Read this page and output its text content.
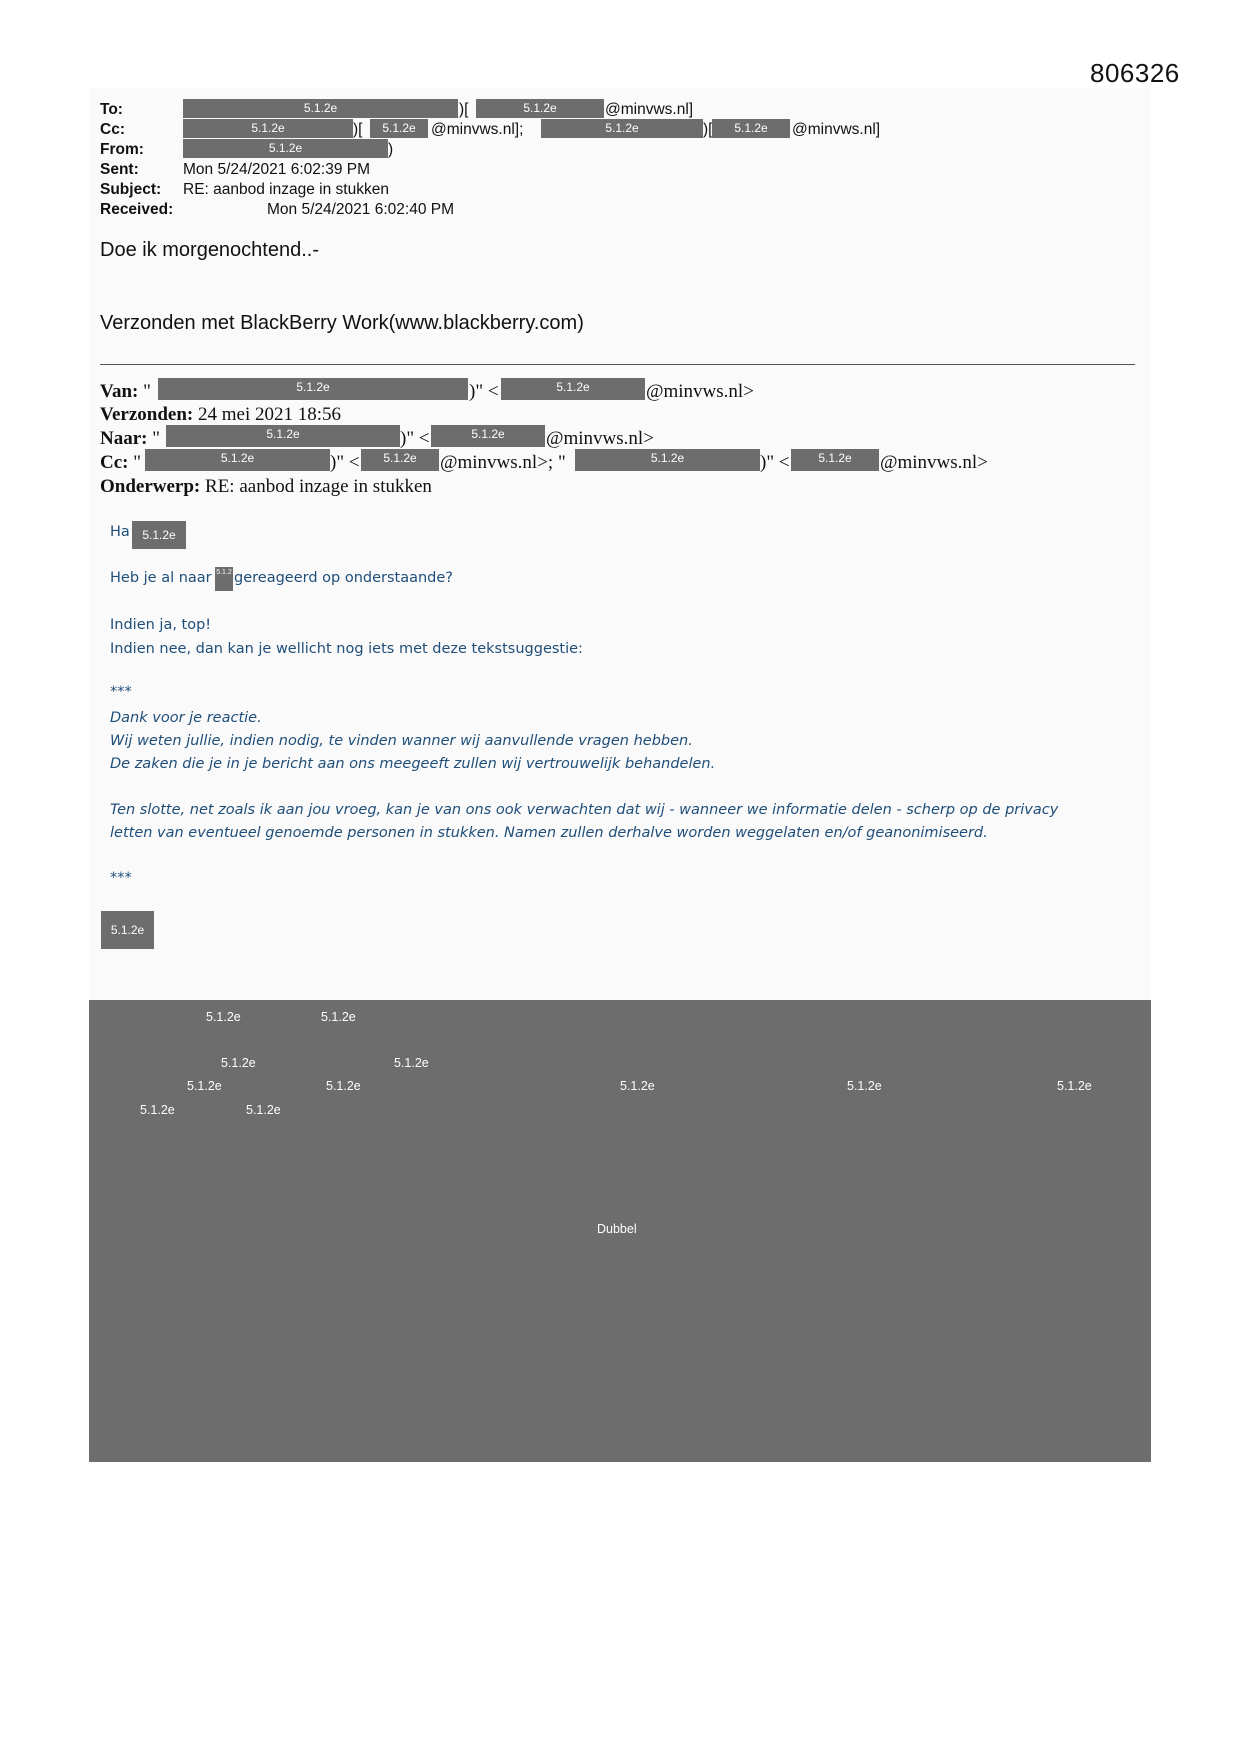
806326
To:	5.1.2e	)[	5.1.2e	@minvws.nl]
Cc:	5.1.2e	)[	5.1.2e @minvws.nl];	5.1.2e	)[	5.1.2e	@minvws.nl]
From:	5.1.2e	)
Sent:	Mon 5/24/2021 6:02:39 PM
Subject: RE: aanbod inzage in stukken
Received:	Mon 5/24/2021 6:02:40 PM
Doe ik morgenochtend..-
Verzonden met BlackBerry Work(www.blackberry.com)
Van: "	5.1.2e	)" <	5.1.2e	@minvws.nl>
Verzonden: 24 mei 2021 18:56
Naar: "	5.1.2e	)" <	5.1.2e	@minvws.nl>
Cc: "	5.1.2e	)" <	5.1.2e	@minvws.nl>; "	5.1.2e	)" <	5.1.2e	@minvws.nl>
Onderwerp: RE: aanbod inzage in stukken
Ha	5.1.2e
Heb je al naar 5.1.2 gereageerd op onderstaande?
Indien ja, top!
Indien nee, dan kan je wellicht nog iets met deze tekstsuggestie:
***
Dank voor je reactie.
Wij weten jullie, indien nodig, te vinden wanner wij aanvullende vragen hebben.
De zaken die je in je bericht aan ons meegeeft zullen wij vertrouwelijk behandelen.
Ten slotte, net zoals ik aan jou vroeg, kan je van ons ook verwachten dat wij - wanneer we informatie delen - scherp op de privacy
letten van eventueel genoemde personen in stukken. Namen zullen derhalve worden weggelaten en/of geanonimiseerd.
***
5.1.2e
5.1.2e	5.1.2e
5.1.2e	5.1.2e
5.1.2e	5.1.2e	5.1.2e	5.1.2e	5.1.2e
5.1.2e	5.1.2e
Dubbel
